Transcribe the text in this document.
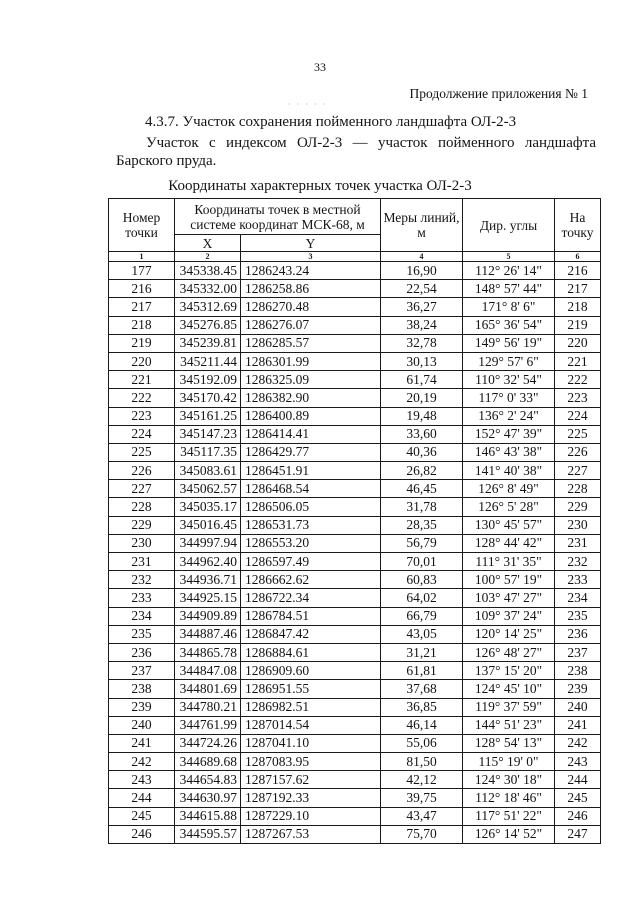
33
Продолжение приложения № 1
· · · · ·
4.3.7. Участок сохранения пойменного ландшафта ОЛ-2-3
Участок с индексом ОЛ-2-3 — участок пойменного ландшафта Барского пруда.
Координаты характерных точек участка ОЛ-2-3
Номер точки	Координаты точек в местной системе координат МСК-68, м		Меры линий, м	Дир. углы	На точку
	X	Y			
1	2	3	4	5	6
177	345338.45	1286243.24	16,90	112° 26' 14"	216
216	345332.00	1286258.86	22,54	148° 57' 44"	217
217	345312.69	1286270.48	36,27	171° 8' 6"	218
218	345276.85	1286276.07	38,24	165° 36' 54"	219
219	345239.81	1286285.57	32,78	149° 56' 19"	220
220	345211.44	1286301.99	30,13	129° 57' 6"	221
221	345192.09	1286325.09	61,74	110° 32' 54"	222
222	345170.42	1286382.90	20,19	117° 0' 33"	223
223	345161.25	1286400.89	19,48	136° 2' 24"	224
224	345147.23	1286414.41	33,60	152° 47' 39"	225
225	345117.35	1286429.77	40,36	146° 43' 38"	226
226	345083.61	1286451.91	26,82	141° 40' 38"	227
227	345062.57	1286468.54	46,45	126° 8' 49"	228
228	345035.17	1286506.05	31,78	126° 5' 28"	229
229	345016.45	1286531.73	28,35	130° 45' 57"	230
230	344997.94	1286553.20	56,79	128° 44' 42"	231
231	344962.40	1286597.49	70,01	111° 31' 35"	232
232	344936.71	1286662.62	60,83	100° 57' 19"	233
233	344925.15	1286722.34	64,02	103° 47' 27"	234
234	344909.89	1286784.51	66,79	109° 37' 24"	235
235	344887.46	1286847.42	43,05	120° 14' 25"	236
236	344865.78	1286884.61	31,21	126° 48' 27"	237
237	344847.08	1286909.60	61,81	137° 15' 20"	238
238	344801.69	1286951.55	37,68	124° 45' 10"	239
239	344780.21	1286982.51	36,85	119° 37' 59"	240
240	344761.99	1287014.54	46,14	144° 51' 23"	241
241	344724.26	1287041.10	55,06	128° 54' 13"	242
242	344689.68	1287083.95	81,50	115° 19' 0"	243
243	344654.83	1287157.62	42,12	124° 30' 18"	244
244	344630.97	1287192.33	39,75	112° 18' 46"	245
245	344615.88	1287229.10	43,47	117° 51' 22"	246
246	344595.57	1287267.53	75,70	126° 14' 52"	247
